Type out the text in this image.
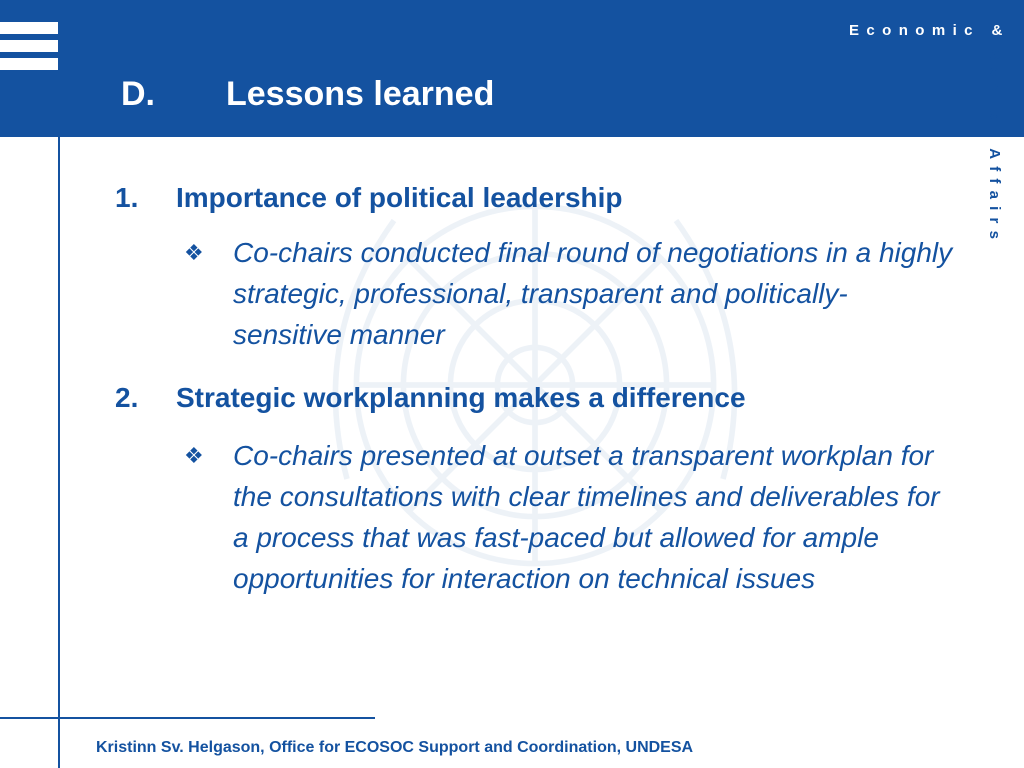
D. Lessons learned
Economic &
Social Affairs
1. Importance of political leadership
❖ Co-chairs conducted final round of negotiations in a highly strategic, professional, transparent and politically-sensitive manner
2. Strategic workplanning makes a difference
❖ Co-chairs presented at outset a transparent workplan for the consultations with clear timelines and deliverables for a process that was fast-paced but allowed for ample opportunities for interaction on technical issues
Kristinn Sv. Helgason, Office for ECOSOC Support and Coordination, UNDESA
